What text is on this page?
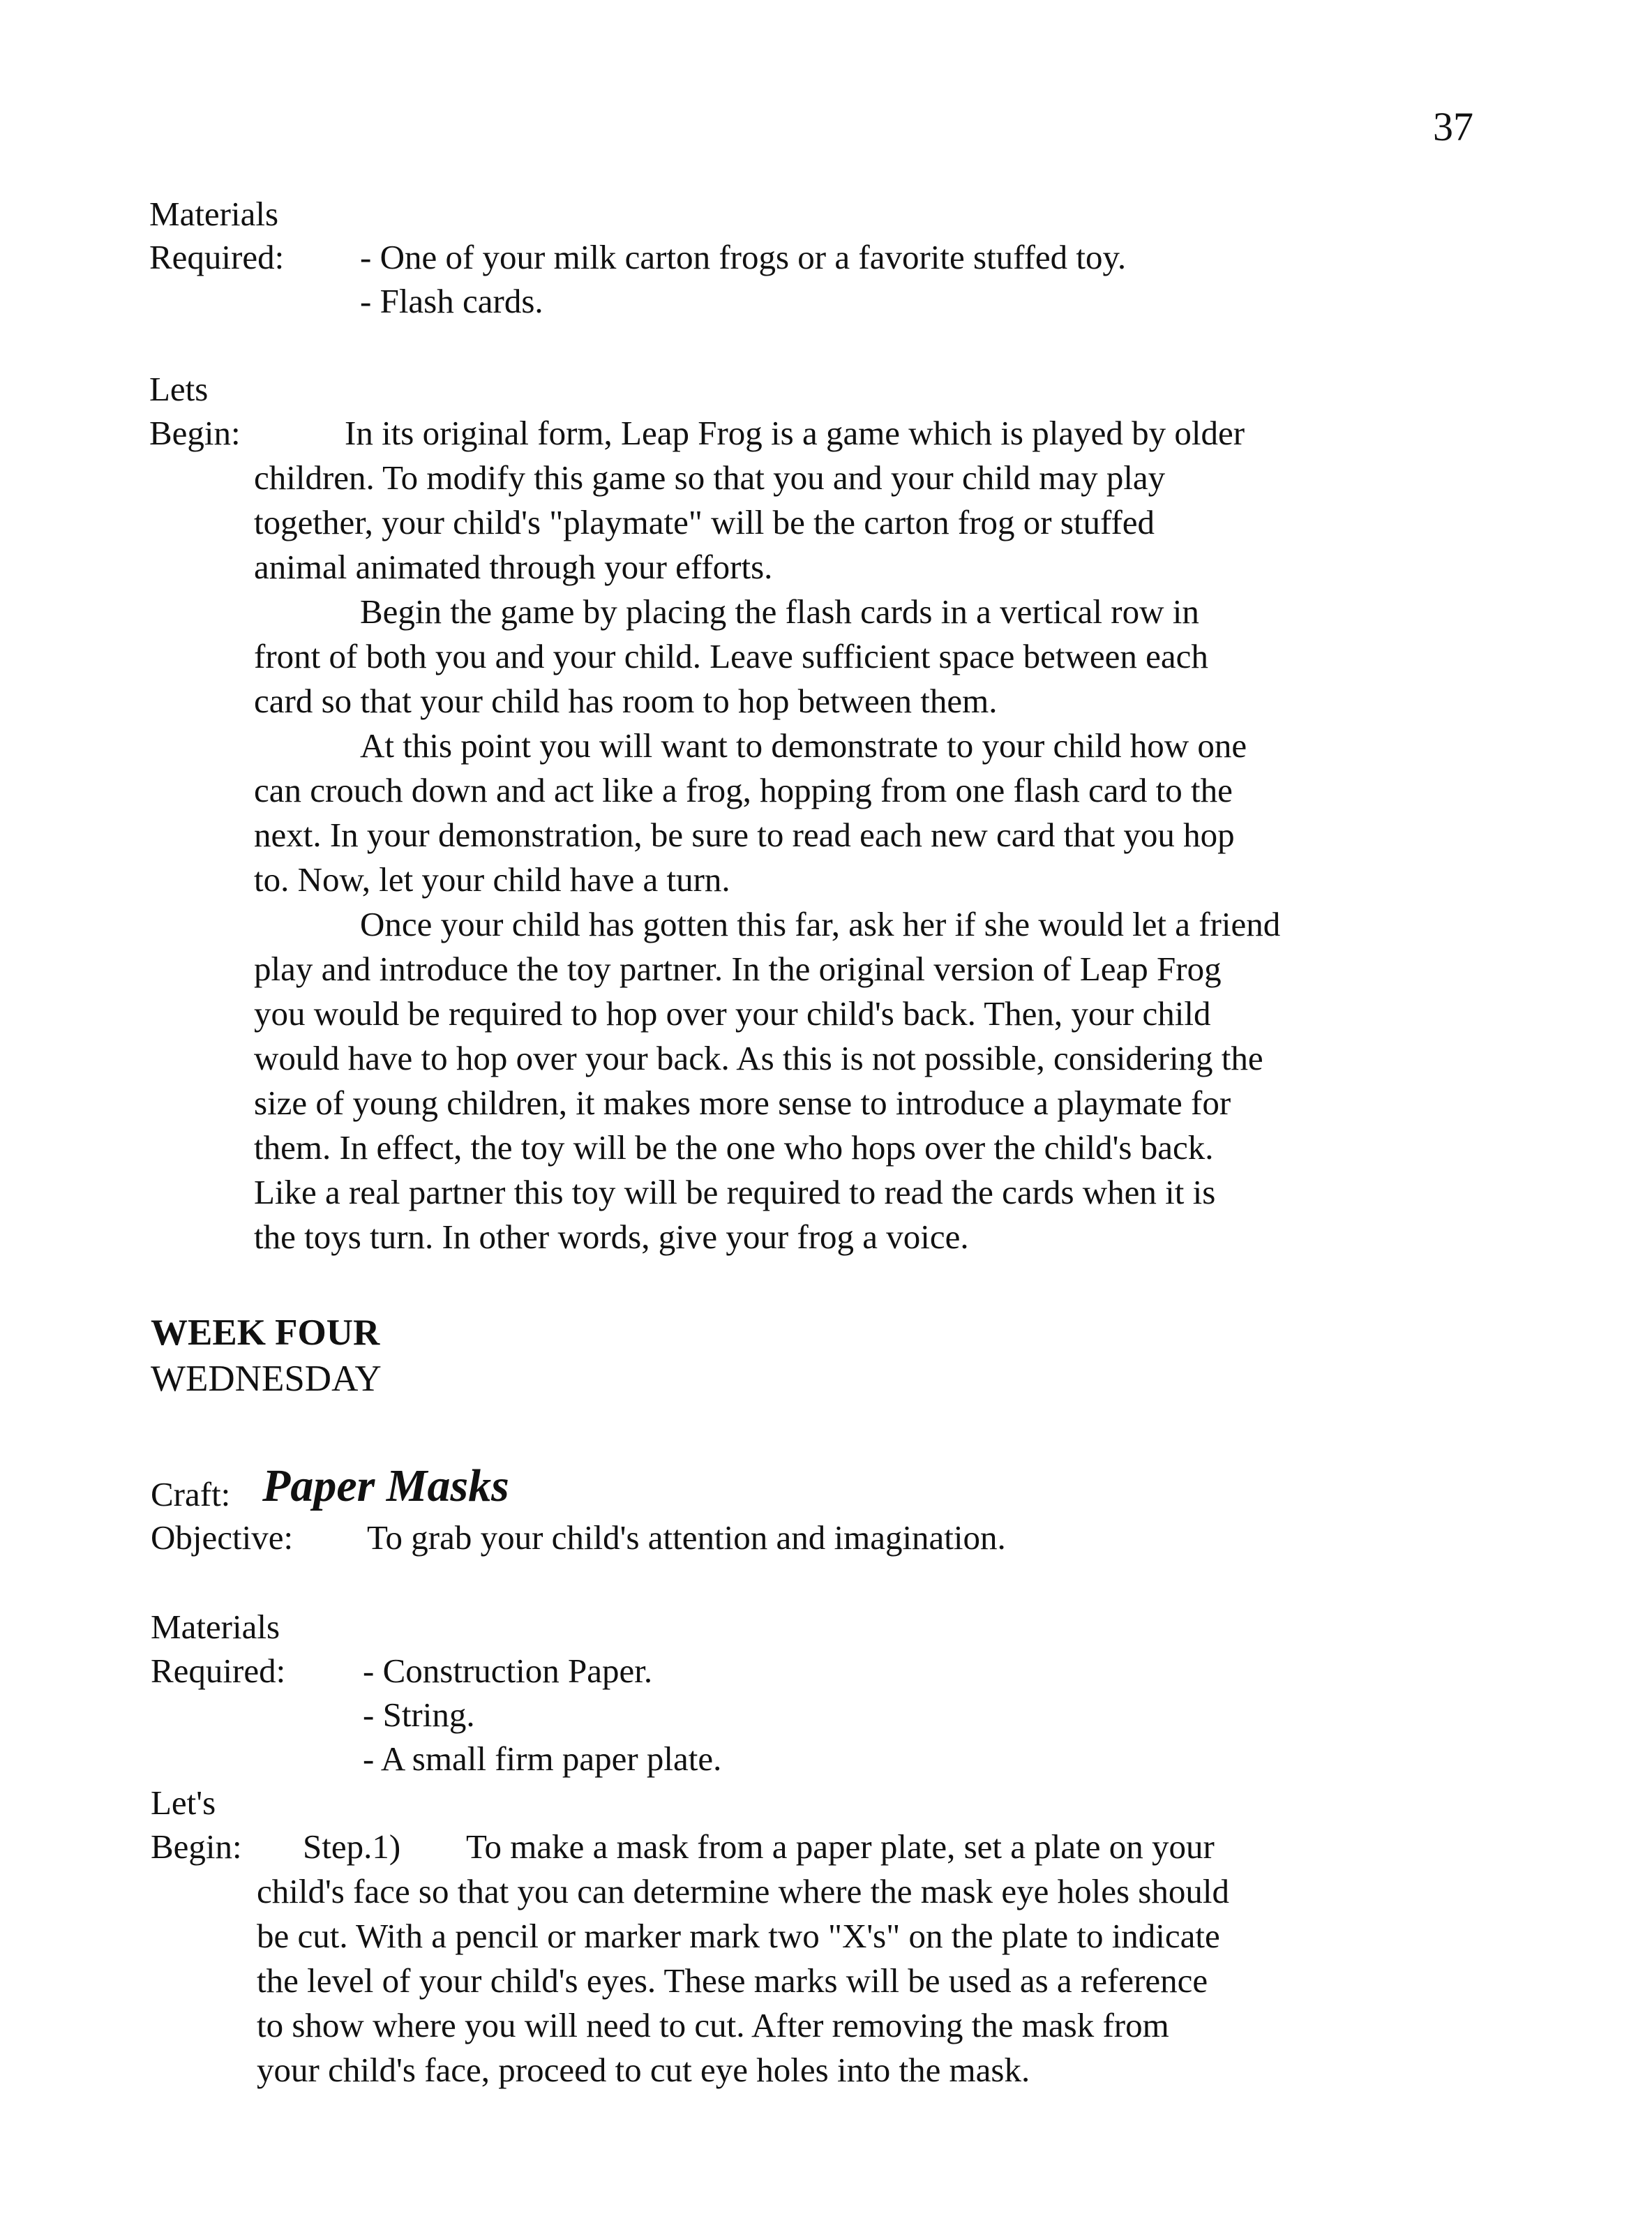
37
Materials
Required: - One of your milk carton frogs or a favorite stuffed toy.
- Flash cards.
Lets
Begin:	In its original form, Leap Frog is a game which is played by older

children. To modify this game so that you and your child may play

together, your child's "playmate" will be the carton frog or stuffed

animal animated through your efforts.

Begin the game by placing the flash cards in a vertical row in

front of both you and your child. Leave sufficient space between each

card so that your child has room to hop between them.

At this point you will want to demonstrate to your child how one

can crouch down and act like a frog, hopping from one flash card to the

next. In your demonstration, be sure to read each new card that you hop

to. Now, let your child have a turn.

Once your child has gotten this far, ask her if she would let a friend

play and introduce the toy partner. In the original version of Leap Frog

you would be required to hop over your child's back. Then, your child

would have to hop over your back. As this is not possible, considering the

size of young children, it makes more sense to introduce a playmate for

them. In effect, the toy will be the one who hops over the child's back.

Like a real partner this toy will be required to read the cards when it is

the toys turn. In other words, give your frog a voice.

WEEK FOUR
WEDNESDAY
Craft: Paper Masks
Objective: To grab your child's attention and imagination.
Materials
Required: - Construction Paper.
- String.
- A small firm paper plate.
Let's
Begin: Step.1)	To make a mask from a paper plate, set a plate on your

child's face so that you can determine where the mask eye holes should

be cut. With a pencil or marker mark two "X's" on the plate to indicate

the level of your child's eyes. These marks will be used as a reference

to show where you will need to cut. After removing the mask from

your child's face, proceed to cut eye holes into the mask.
